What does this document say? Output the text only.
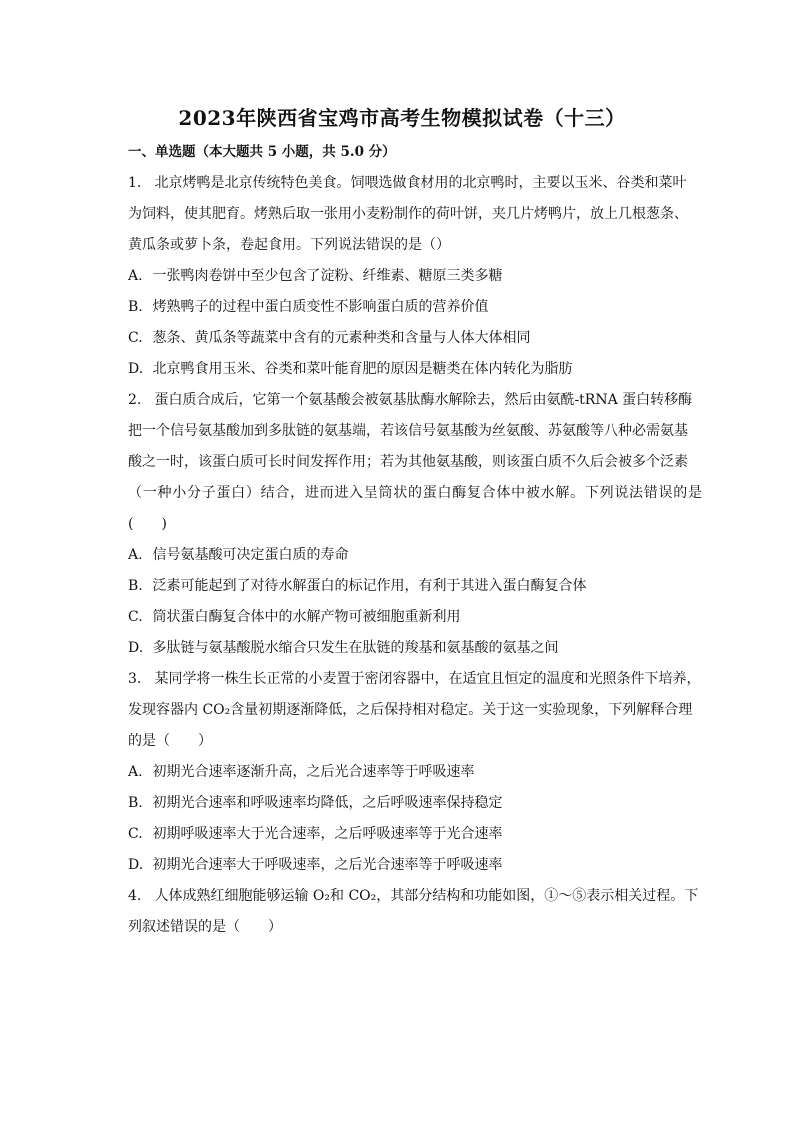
2023年陕西省宝鸡市高考生物模拟试卷（十三）
一、单选题（本大题共 5 小题，共 5.0 分）
1. 北京烤鸭是北京传统特色美食。饲喂选做食材用的北京鸭时，主要以玉米、谷类和菜叶
为饲料，使其肥育。烤熟后取一张用小麦粉制作的荷叶饼，夹几片烤鸭片，放上几根葱条、
黄瓜条或萝卜条，卷起食用。下列说法错误的是（）
A. 一张鸭肉卷饼中至少包含了淀粉、纤维素、糖原三类多糖
B. 烤熟鸭子的过程中蛋白质变性不影响蛋白质的营养价值
C. 葱条、黄瓜条等蔬菜中含有的元素种类和含量与人体大体相同
D. 北京鸭食用玉米、谷类和菜叶能育肥的原因是糖类在体内转化为脂肪
2. 蛋白质合成后，它第一个氨基酸会被氨基肽酶水解除去，然后由氨酰-tRNA 蛋白转移酶
把一个信号氨基酸加到多肽链的氨基端，若该信号氨基酸为丝氨酸、苏氨酸等八种必需氨基
酸之一时，该蛋白质可长时间发挥作用；若为其他氨基酸，则该蛋白质不久后会被多个泛素
（一种小分子蛋白）结合，进而进入呈筒状的蛋白酶复合体中被水解。下列说法错误的是(　　)
A. 信号氨基酸可决定蛋白质的寿命
B. 泛素可能起到了对待水解蛋白的标记作用，有利于其进入蛋白酶复合体
C. 筒状蛋白酶复合体中的水解产物可被细胞重新利用
D. 多肽链与氨基酸脱水缩合只发生在肽链的羧基和氨基酸的氨基之间
3. 某同学将一株生长正常的小麦置于密闭容器中，在适宜且恒定的温度和光照条件下培养，
发现容器内 CO₂含量初期逐渐降低，之后保持相对稳定。关于这一实验现象，下列解释合理
的是（　　）
A. 初期光合速率逐渐升高，之后光合速率等于呼吸速率
B. 初期光合速率和呼吸速率均降低，之后呼吸速率保持稳定
C. 初期呼吸速率大于光合速率，之后呼吸速率等于光合速率
D. 初期光合速率大于呼吸速率，之后光合速率等于呼吸速率
4. 人体成熟红细胞能够运输 O₂和 CO₂，其部分结构和功能如图，①～⑤表示相关过程。下
列叙述错误的是（　　）
